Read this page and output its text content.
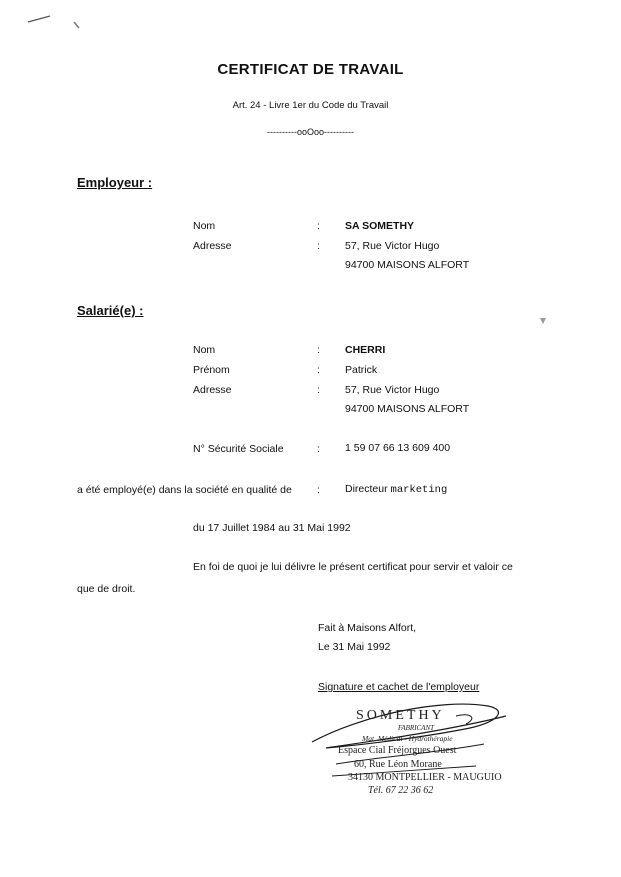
CERTIFICAT DE TRAVAIL
Art. 24 - Livre 1er du Code du Travail
----------ooOoo----------
Employeur :
Nom	: SA SOMETHY
Adresse	: 57, Rue Victor Hugo
94700 MAISONS ALFORT
Salarié(e) :
Nom	: CHERRI
Prénom	: Patrick
Adresse	: 57, Rue Victor Hugo
94700 MAISONS ALFORT
N° Sécurité Sociale	: 1 59 07 66 13 609 400
a été employé(e) dans la société en qualité de : Directeur marketing
du 17 Juillet 1984 au 31 Mai 1992
En foi de quoi je lui délivre le présent certificat pour servir et valoir ce
que de droit.
Fait à Maisons Alfort,
Le 31 Mai 1992
Signature et cachet de l'employeur
SOMETHY
FABRICANT
Mat. Médical - Hydrothérapie
Espace Cial Fréjorgues Ouest
60, Rue Léon Morane
34130 MONTPELLIER - MAUGUIO
Tél. 67 22 36 62
